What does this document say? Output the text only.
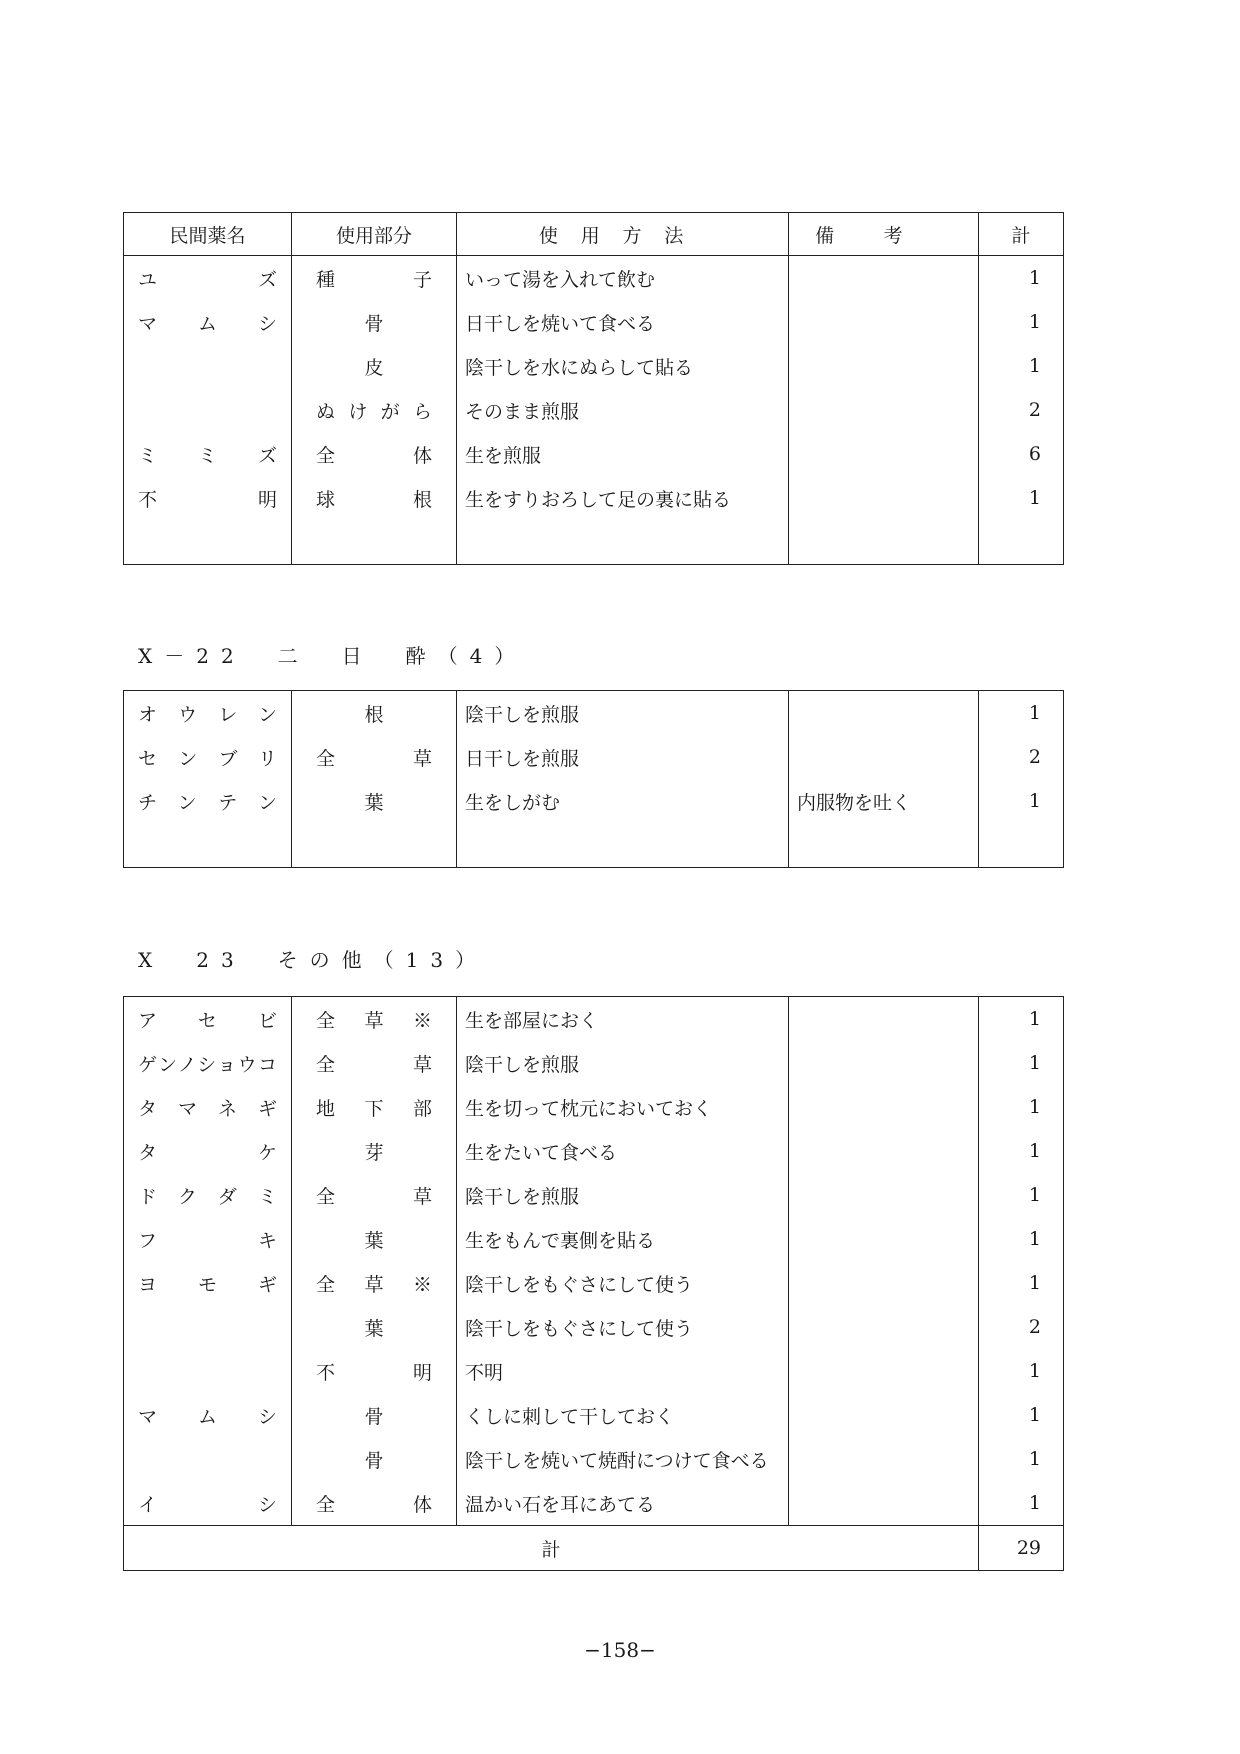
民間薬名	使用部分	使用方法	備考	計
ユズ	種子	いって湯を入れて飲む		1
マムシ	骨	日干しを焼いて食べる		1
	皮	陰干しを水にぬらして貼る		1
	ぬけがら	そのまま煎服		2
ミミズ	全体	生を煎服		6
不明	球根	生をすりおろして足の裏に貼る		1

X－22　二　日　酔（4）
オウレン	根	陰干しを煎服		1
センブリ	全草	日干しを煎服		2
チンテン	葉	生をしがむ	内服物を吐く	1

X　23　その他（13）
アセビ	全草※	生を部屋におく		1
ゲンノショウコ	全草	陰干しを煎服		1
タマネギ	地下部	生を切って枕元においておく		1
タケ	芽	生をたいて食べる		1
ドクダミ	全草	陰干しを煎服		1
フキ	葉	生をもんで裏側を貼る		1
ヨモギ	全草※	陰干しをもぐさにして使う		1
	葉	陰干しをもぐさにして使う		2
	不明	不明		1
マムシ	骨	くしに刺して干しておく		1
	骨	陰干しを焼いて焼酎につけて食べる		1
イシ	全体	温かい石を耳にあてる		1
計				29
−158−
